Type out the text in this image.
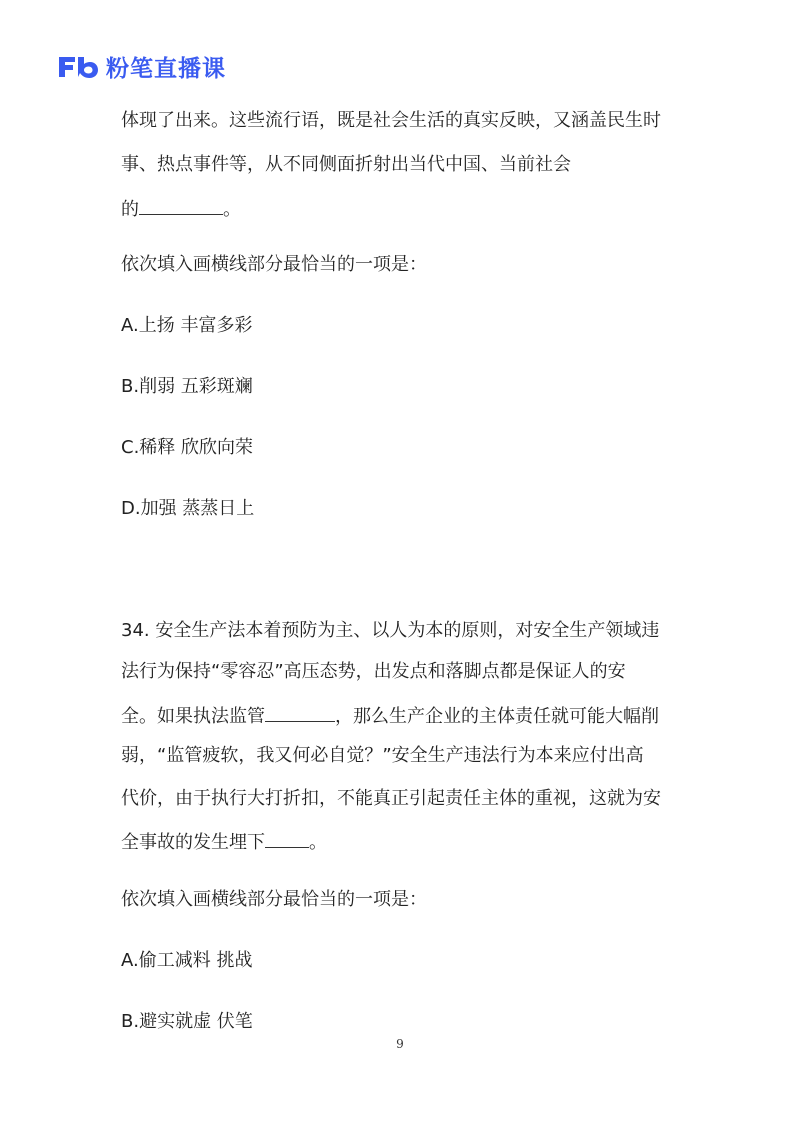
粉笔直播课
体现了出来。这些流行语，既是社会生活的真实反映，又涵盖民生时
事、热点事件等，从不同侧面折射出当代中国、当前社会
的	。
依次填入画横线部分最恰当的一项是：
A.上扬 丰富多彩
B.削弱 五彩斑斓
C.稀释 欣欣向荣
D.加强 蒸蒸日上
34. 安全生产法本着预防为主、以人为本的原则，对安全生产领域违
法行为保持“零容忍”高压态势，出发点和落脚点都是保证人的安
全。如果执法监管	，那么生产企业的主体责任就可能大幅削
弱，“监管疲软，我又何必自觉？”安全生产违法行为本来应付出高
代价，由于执行大打折扣，不能真正引起责任主体的重视，这就为安
全事故的发生埋下 。
依次填入画横线部分最恰当的一项是：
A.偷工减料 挑战
B.避实就虚 伏笔
9
